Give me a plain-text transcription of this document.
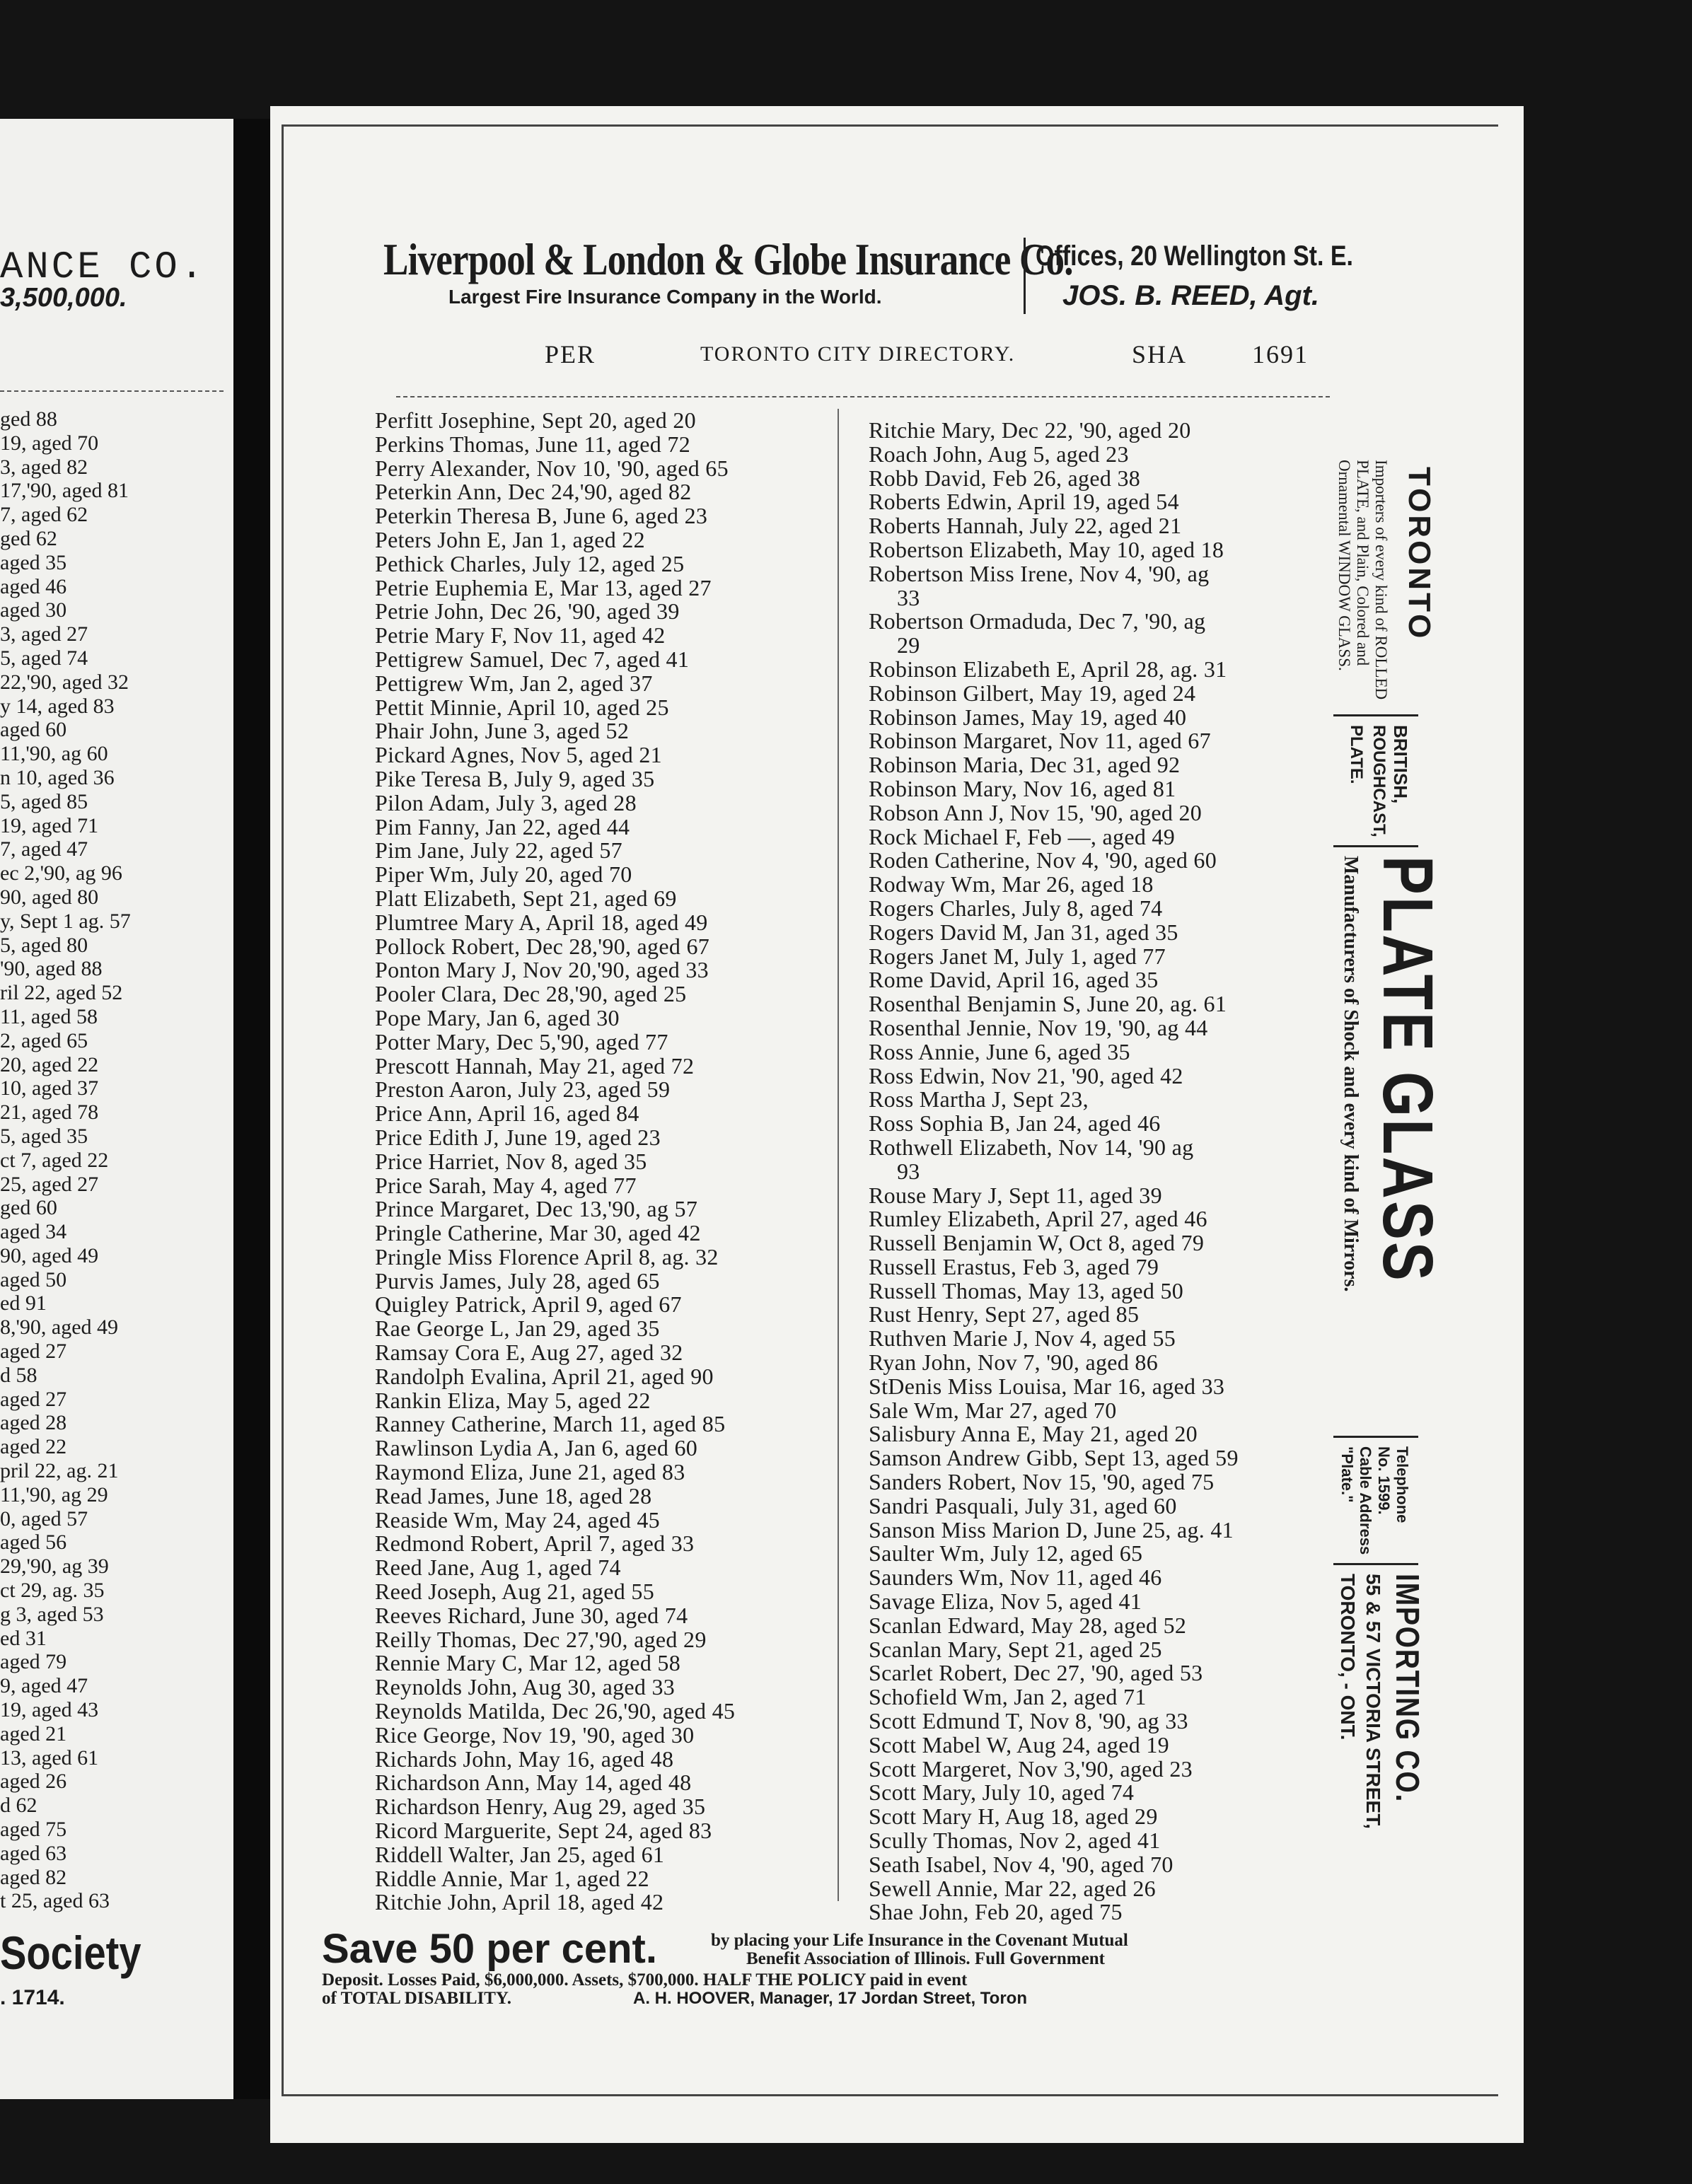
ANCE CO.
3,500,000.
ged 88
19, aged 70
3, aged 82
17,'90, aged 81
7, aged 62
ged 62
aged 35
aged 46
aged 30
3, aged 27
5, aged 74
22,'90, aged 32
y 14, aged 83
aged 60
11,'90, ag 60
n 10, aged 36
5, aged 85
19, aged 71
7, aged 47
ec 2,'90, ag 96
90, aged 80
y, Sept 1 ag. 57
5, aged 80
'90, aged 88
ril 22, aged 52
11, aged 58
2, aged 65
20, aged 22
10, aged 37
21, aged 78
5, aged 35
ct 7, aged 22
25, aged 27
ged 60
aged 34
90, aged 49
aged 50
ed 91
8,'90, aged 49
aged 27
d 58
aged 27
aged 28
aged 22
pril 22, ag. 21
11,'90, ag 29
0, aged 57
aged 56
29,'90, ag 39
ct 29, ag. 35
g 3, aged 53
ed 31
aged 79
9, aged 47
19, aged 43
aged 21
13, aged 61
aged 26
d 62
aged 75
aged 63
aged 82
t 25, aged 63
Society
. 1714.
Liverpool & London & Globe Insurance Co.
Largest Fire Insurance Company in the World.
Offices, 20 Wellington St. E.
JOS. B. REED, Agt.
PER	TORONTO CITY DIRECTORY.	SHA	1691
Perfitt Josephine, Sept 20, aged 20
Perkins Thomas, June 11, aged 72
Perry Alexander, Nov 10, '90, aged 65
Peterkin Ann, Dec 24,'90, aged 82
Peterkin Theresa B, June 6, aged 23
Peters John E, Jan 1, aged 22
Pethick Charles, July 12, aged 25
Petrie Euphemia E, Mar 13, aged 27
Petrie John, Dec 26, '90, aged 39
Petrie Mary F, Nov 11, aged 42
Pettigrew Samuel, Dec 7, aged 41
Pettigrew Wm, Jan 2, aged 37
Pettit Minnie, April 10, aged 25
Phair John, June 3, aged 52
Pickard Agnes, Nov 5, aged 21
Pike Teresa B, July 9, aged 35
Pilon Adam, July 3, aged 28
Pim Fanny, Jan 22, aged 44
Pim Jane, July 22, aged 57
Piper Wm, July 20, aged 70
Platt Elizabeth, Sept 21, aged 69
Plumtree Mary A, April 18, aged 49
Pollock Robert, Dec 28,'90, aged 67
Ponton Mary J, Nov 20,'90, aged 33
Pooler Clara, Dec 28,'90, aged 25
Pope Mary, Jan 6, aged 30
Potter Mary, Dec 5,'90, aged 77
Prescott Hannah, May 21, aged 72
Preston Aaron, July 23, aged 59
Price Ann, April 16, aged 84
Price Edith J, June 19, aged 23
Price Harriet, Nov 8, aged 35
Price Sarah, May 4, aged 77
Prince Margaret, Dec 13,'90, ag 57
Pringle Catherine, Mar 30, aged 42
Pringle Miss Florence April 8, ag. 32
Purvis James, July 28, aged 65
Quigley Patrick, April 9, aged 67
Rae George L, Jan 29, aged 35
Ramsay Cora E, Aug 27, aged 32
Randolph Evalina, April 21, aged 90
Rankin Eliza, May 5, aged 22
Ranney Catherine, March 11, aged 85
Rawlinson Lydia A, Jan 6, aged 60
Raymond Eliza, June 21, aged 83
Read James, June 18, aged 28
Reaside Wm, May 24, aged 45
Redmond Robert, April 7, aged 33
Reed Jane, Aug 1, aged 74
Reed Joseph, Aug 21, aged 55
Reeves Richard, June 30, aged 74
Reilly Thomas, Dec 27,'90, aged 29
Rennie Mary C, Mar 12, aged 58
Reynolds John, Aug 30, aged 33
Reynolds Matilda, Dec 26,'90, aged 45
Rice George, Nov 19, '90, aged 30
Richards John, May 16, aged 48
Richardson Ann, May 14, aged 48
Richardson Henry, Aug 29, aged 35
Ricord Marguerite, Sept 24, aged 83
Riddell Walter, Jan 25, aged 61
Riddle Annie, Mar 1, aged 22
Ritchie John, April 18, aged 42
Ritchie Mary, Dec 22, '90, aged 20
Roach John, Aug 5, aged 23
Robb David, Feb 26, aged 38
Roberts Edwin, April 19, aged 54
Roberts Hannah, July 22, aged 21
Robertson Elizabeth, May 10, aged 18
Robertson Miss Irene, Nov 4, '90, ag
33
Robertson Ormaduda, Dec 7, '90, ag
29
Robinson Elizabeth E, April 28, ag. 31
Robinson Gilbert, May 19, aged 24
Robinson James, May 19, aged 40
Robinson Margaret, Nov 11, aged 67
Robinson Maria, Dec 31, aged 92
Robinson Mary, Nov 16, aged 81
Robson Ann J, Nov 15, '90, aged 20
Rock Michael F, Feb —, aged 49
Roden Catherine, Nov 4, '90, aged 60
Rodway Wm, Mar 26, aged 18
Rogers Charles, July 8, aged 74
Rogers David M, Jan 31, aged 35
Rogers Janet M, July 1, aged 77
Rome David, April 16, aged 35
Rosenthal Benjamin S, June 20, ag. 61
Rosenthal Jennie, Nov 19, '90, ag 44
Ross Annie, June 6, aged 35
Ross Edwin, Nov 21, '90, aged 42
Ross Martha J, Sept 23,
Ross Sophia B, Jan 24, aged 46
Rothwell Elizabeth, Nov 14, '90 ag
93
Rouse Mary J, Sept 11, aged 39
Rumley Elizabeth, April 27, aged 46
Russell Benjamin W, Oct 8, aged 79
Russell Erastus, Feb 3, aged 79
Russell Thomas, May 13, aged 50
Rust Henry, Sept 27, aged 85
Ruthven Marie J, Nov 4, aged 55
Ryan John, Nov 7, '90, aged 86
StDenis Miss Louisa, Mar 16, aged 33
Sale Wm, Mar 27, aged 70
Salisbury Anna E, May 21, aged 20
Samson Andrew Gibb, Sept 13, aged 59
Sanders Robert, Nov 15, '90, aged 75
Sandri Pasquali, July 31, aged 60
Sanson Miss Marion D, June 25, ag. 41
Saulter Wm, July 12, aged 65
Saunders Wm, Nov 11, aged 46
Savage Eliza, Nov 5, aged 41
Scanlan Edward, May 28, aged 52
Scanlan Mary, Sept 21, aged 25
Scarlet Robert, Dec 27, '90, aged 53
Schofield Wm, Jan 2, aged 71
Scott Edmund T, Nov 8, '90, ag 33
Scott Mabel W, Aug 24, aged 19
Scott Margeret, Nov 3,'90, aged 23
Scott Mary, July 10, aged 74
Scott Mary H, Aug 18, aged 29
Scully Thomas, Nov 2, aged 41
Seath Isabel, Nov 4, '90, aged 70
Sewell Annie, Mar 22, aged 26
Shae John, Feb 20, aged 75
TORONTO
Importers of every kind of ROLLED
PLATE, and Plain, Colored and
Ornamental WINDOW GLASS.
BRITISH,
ROUGHCAST,
PLATE.
PLATE GLASS
Manufacturers of Shock and every kind of Mirrors.
Telephone
No. 1599.
Cable Address
"Plate."
IMPORTING CO.
55 & 57 VICTORIA STREET,
TORONTO, - ONT.
Save 50 per cent.	by placing your Life Insurance in the Covenant Mutual
Benefit Association of Illinois. Full Government
Deposit. Losses Paid, $6,000,000. Assets, $700,000. HALF THE POLICY paid in event
of TOTAL DISABILITY.	A. H. HOOVER, Manager, 17 Jordan Street, Toron
